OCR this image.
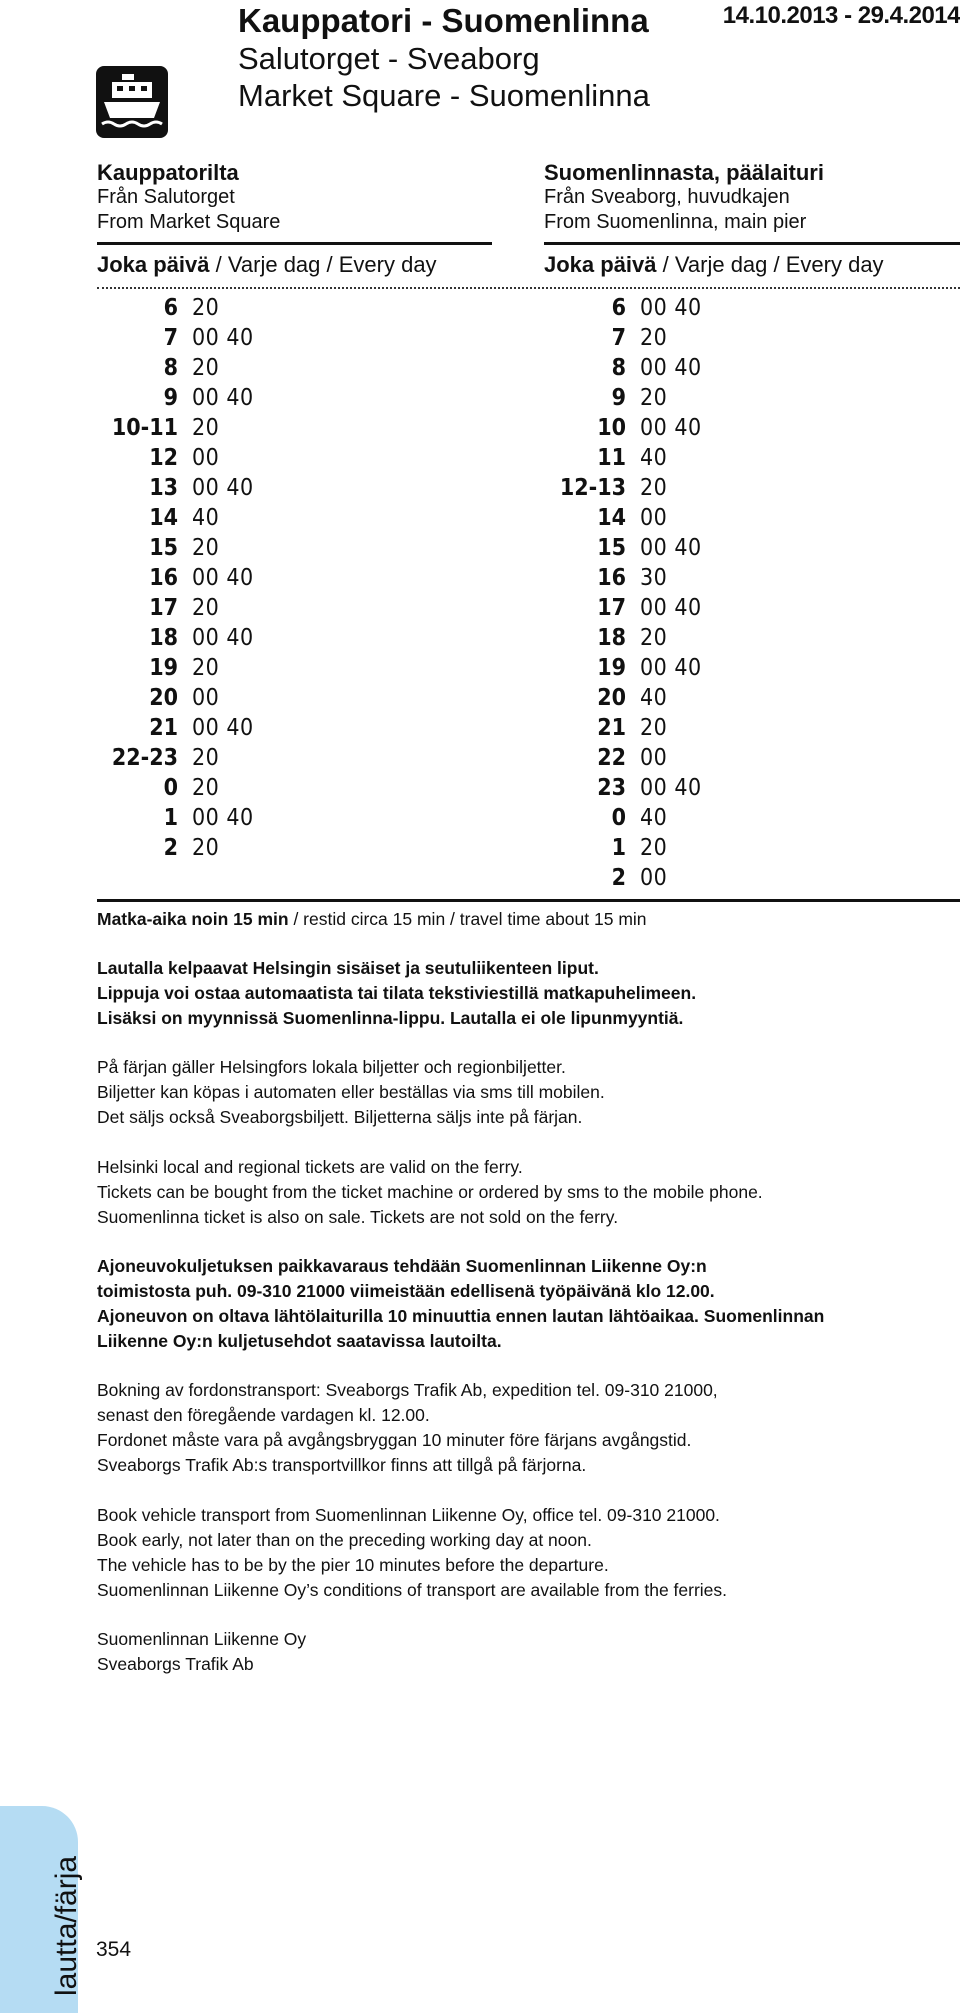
Kauppatori - Suomenlinna
Salutorget - Sveaborg
Market Square - Suomenlinna
14.10.2013 - 29.4.2014
Kauppatorilta
Från Salutorget
From Market Square
Suomenlinnasta, päälaituri
Från Sveaborg, huvudkajen
From Suomenlinna, main pier
Joka päivä / Varje dag / Every day	Joka päivä / Varje dag / Every day
6 20
7 00 40
8 20
9 00 40
10-11 20
12 00
13 00 40
14 40
15 20
16 00 40
17 20
18 00 40
19 20
20 00
21 00 40
22-23 20
0 20
1 00 40
2 20
6 00 40
7 20
8 00 40
9 20
10 00 40
11 40
12-13 20
14 00
15 00 40
16 30
17 00 40
18 20
19 00 40
20 40
21 20
22 00
23 00 40
0 40
1 20
2 00
Matka-aika noin 15 min / restid circa 15 min / travel time about 15 min
Lautalla kelpaavat Helsingin sisäiset ja seutuliikenteen liput.
Lippuja voi ostaa automaatista tai tilata tekstiviestillä matkapuhelimeen.
Lisäksi on myynnissä Suomenlinna-lippu. Lautalla ei ole lipunmyyntiä.
På färjan gäller Helsingfors lokala biljetter och regionbiljetter.
Biljetter kan köpas i automaten eller beställas via sms till mobilen.
Det säljs också Sveaborgsbiljett. Biljetterna säljs inte på färjan.
Helsinki local and regional tickets are valid on the ferry.
Tickets can be bought from the ticket machine or ordered by sms to the mobile phone.
Suomenlinna ticket is also on sale. Tickets are not sold on the ferry.
Ajoneuvokuljetuksen paikkavaraus tehdään Suomenlinnan Liikenne Oy:n
toimistosta puh. 09-310 21000 viimeistään edellisenä työpäivänä klo 12.00.
Ajoneuvon on oltava lähtölaiturilla 10 minuuttia ennen lautan lähtöaikaa. Suomenlinnan
Liikenne Oy:n kuljetusehdot saatavissa lautoilta.
Bokning av fordonstransport: Sveaborgs Trafik Ab, expedition tel. 09-310 21000,
senast den föregående vardagen kl. 12.00.
Fordonet måste vara på avgångsbryggan 10 minuter före färjans avgångstid.
Sveaborgs Trafik Ab:s transportvillkor finns att tillgå på färjorna.
Book vehicle transport from Suomenlinnan Liikenne Oy, office tel. 09-310 21000.
Book early, not later than on the preceding working day at noon.
The vehicle has to be by the pier 10 minutes before the departure.
Suomenlinnan Liikenne Oy’s conditions of transport are available from the ferries.
Suomenlinnan Liikenne Oy
Sveaborgs Trafik Ab
lautta/färja 354
